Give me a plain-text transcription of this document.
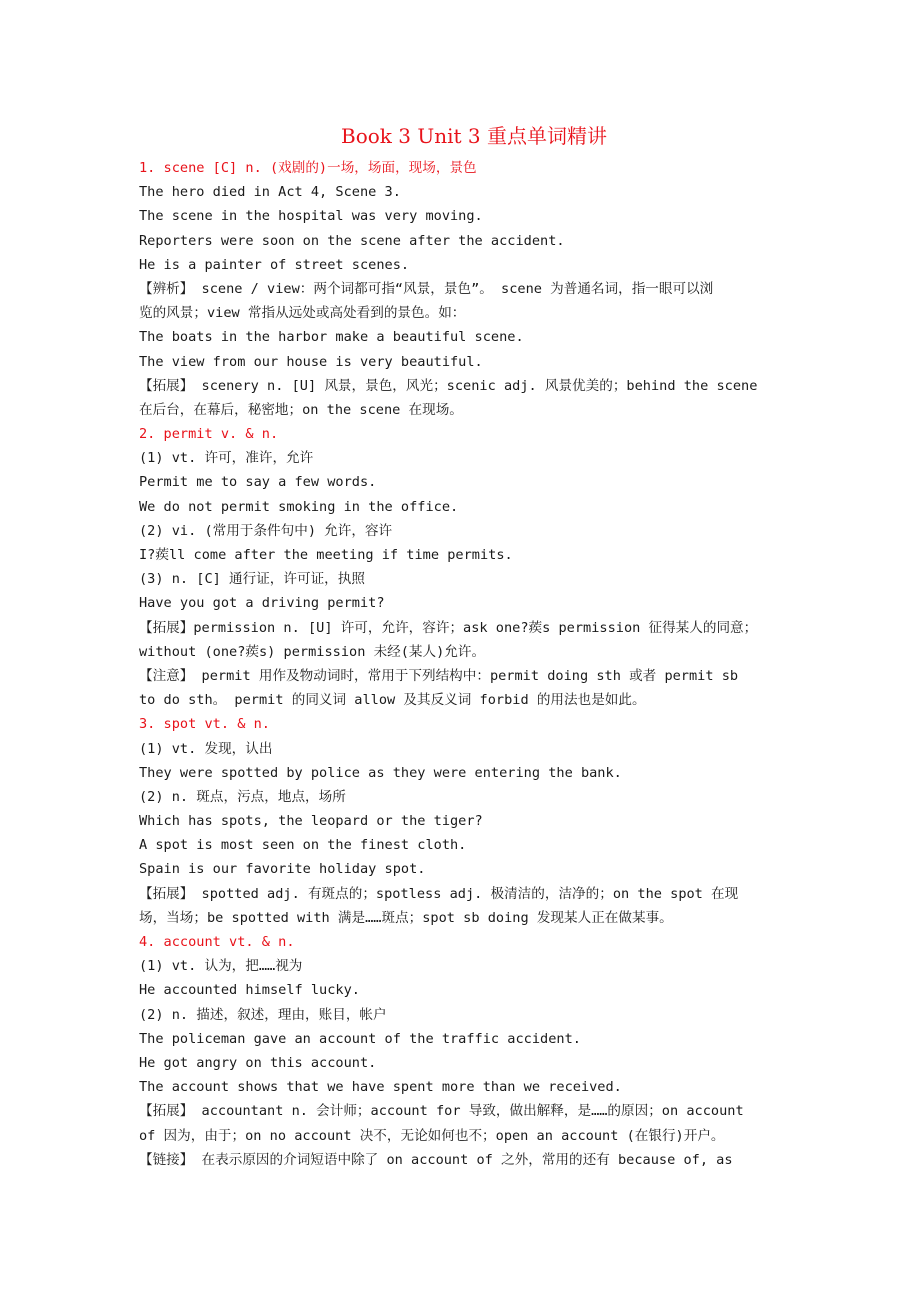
Book 3 Unit 3 重点单词精讲
1. scene [C] n. (戏剧的)一场，场面，现场，景色
The hero died in Act 4, Scene 3.
The scene in the hospital was very moving.
Reporters were soon on the scene after the accident.
He is a painter of street scenes.
【辨析】 scene / view：两个词都可指“风景，景色”。 scene 为普通名词，指一眼可以浏
览的风景；view 常指从远处或高处看到的景色。如：
The boats in the harbor make a beautiful scene.
The view from our house is very beautiful.
【拓展】 scenery n. [U] 风景，景色，风光；scenic adj. 风景优美的；behind the scene
在后台，在幕后，秘密地；on the scene 在现场。
2. permit v. & n.
(1) vt. 许可，准许，允许
Permit me to say a few words.
We do not permit smoking in the office.
(2) vi. (常用于条件句中) 允许，容许
I?蒺ll come after the meeting if time permits.
(3) n. [C] 通行证，许可证，执照
Have you got a driving permit?
【拓展】permission n. [U] 许可，允许，容许；ask one?蒺s permission 征得某人的同意；
without (one?蒺s) permission 未经(某人)允许。
【注意】 permit 用作及物动词时，常用于下列结构中：permit doing sth 或者 permit sb
to do sth。 permit 的同义词 allow 及其反义词 forbid 的用法也是如此。
3. spot vt. & n.
(1) vt. 发现，认出
They were spotted by police as they were entering the bank.
(2) n. 斑点，污点，地点，场所
Which has spots, the leopard or the tiger?
A spot is most seen on the finest cloth.
Spain is our favorite holiday spot.
【拓展】 spotted adj. 有斑点的；spotless adj. 极清洁的，洁净的；on the spot 在现
场，当场；be spotted with 满是……斑点；spot sb doing 发现某人正在做某事。
4. account vt. & n.
(1) vt. 认为，把……视为
He accounted himself lucky.
(2) n. 描述，叙述，理由，账目，帐户
The policeman gave an account of the traffic accident.
He got angry on this account.
The account shows that we have spent more than we received.
【拓展】 accountant n. 会计师；account for 导致，做出解释，是……的原因；on account
of 因为，由于；on no account 决不，无论如何也不；open an account (在银行)开户。
【链接】 在表示原因的介词短语中除了 on account of 之外，常用的还有 because of, as
